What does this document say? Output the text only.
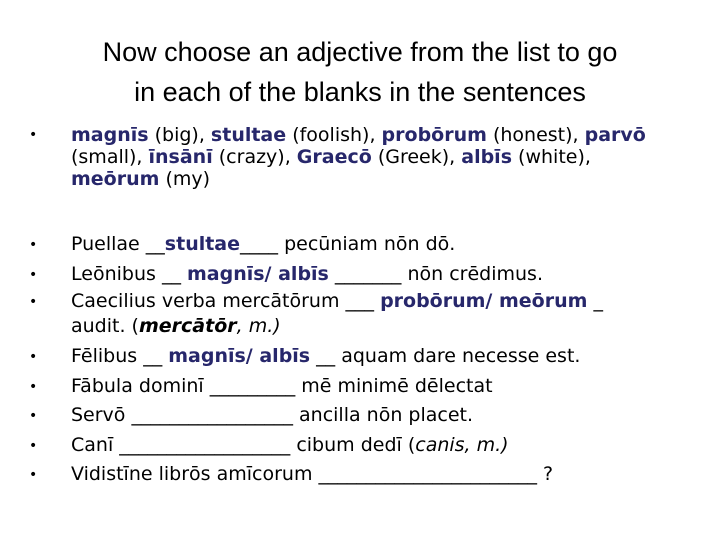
Now choose an adjective from the list to go
in each of the blanks in the sentences
• magnīs (big), stultae (foolish), probōrum (honest), parvō (small), īnsānī (crazy), Graecō (Greek), albīs (white), meōrum (my)
• Puellae __stultae____ pecūniam nōn dō.
• Leōnibus __ magnīs/ albīs _______ nōn crēdimus.
• Caecilius verba mercātōrum ___ probōrum/ meōrum _
audit. (mercātōr, m.)
• Fēlibus __ magnīs/ albīs __ aquam dare necesse est.
• Fābula dominī _________ mē minimē dēlectat
• Servō _________________ ancilla nōn placet.
• Canī __________________ cibum dedī (canis, m.)
• Vidistīne librōs amīcorum _______________________ ?
